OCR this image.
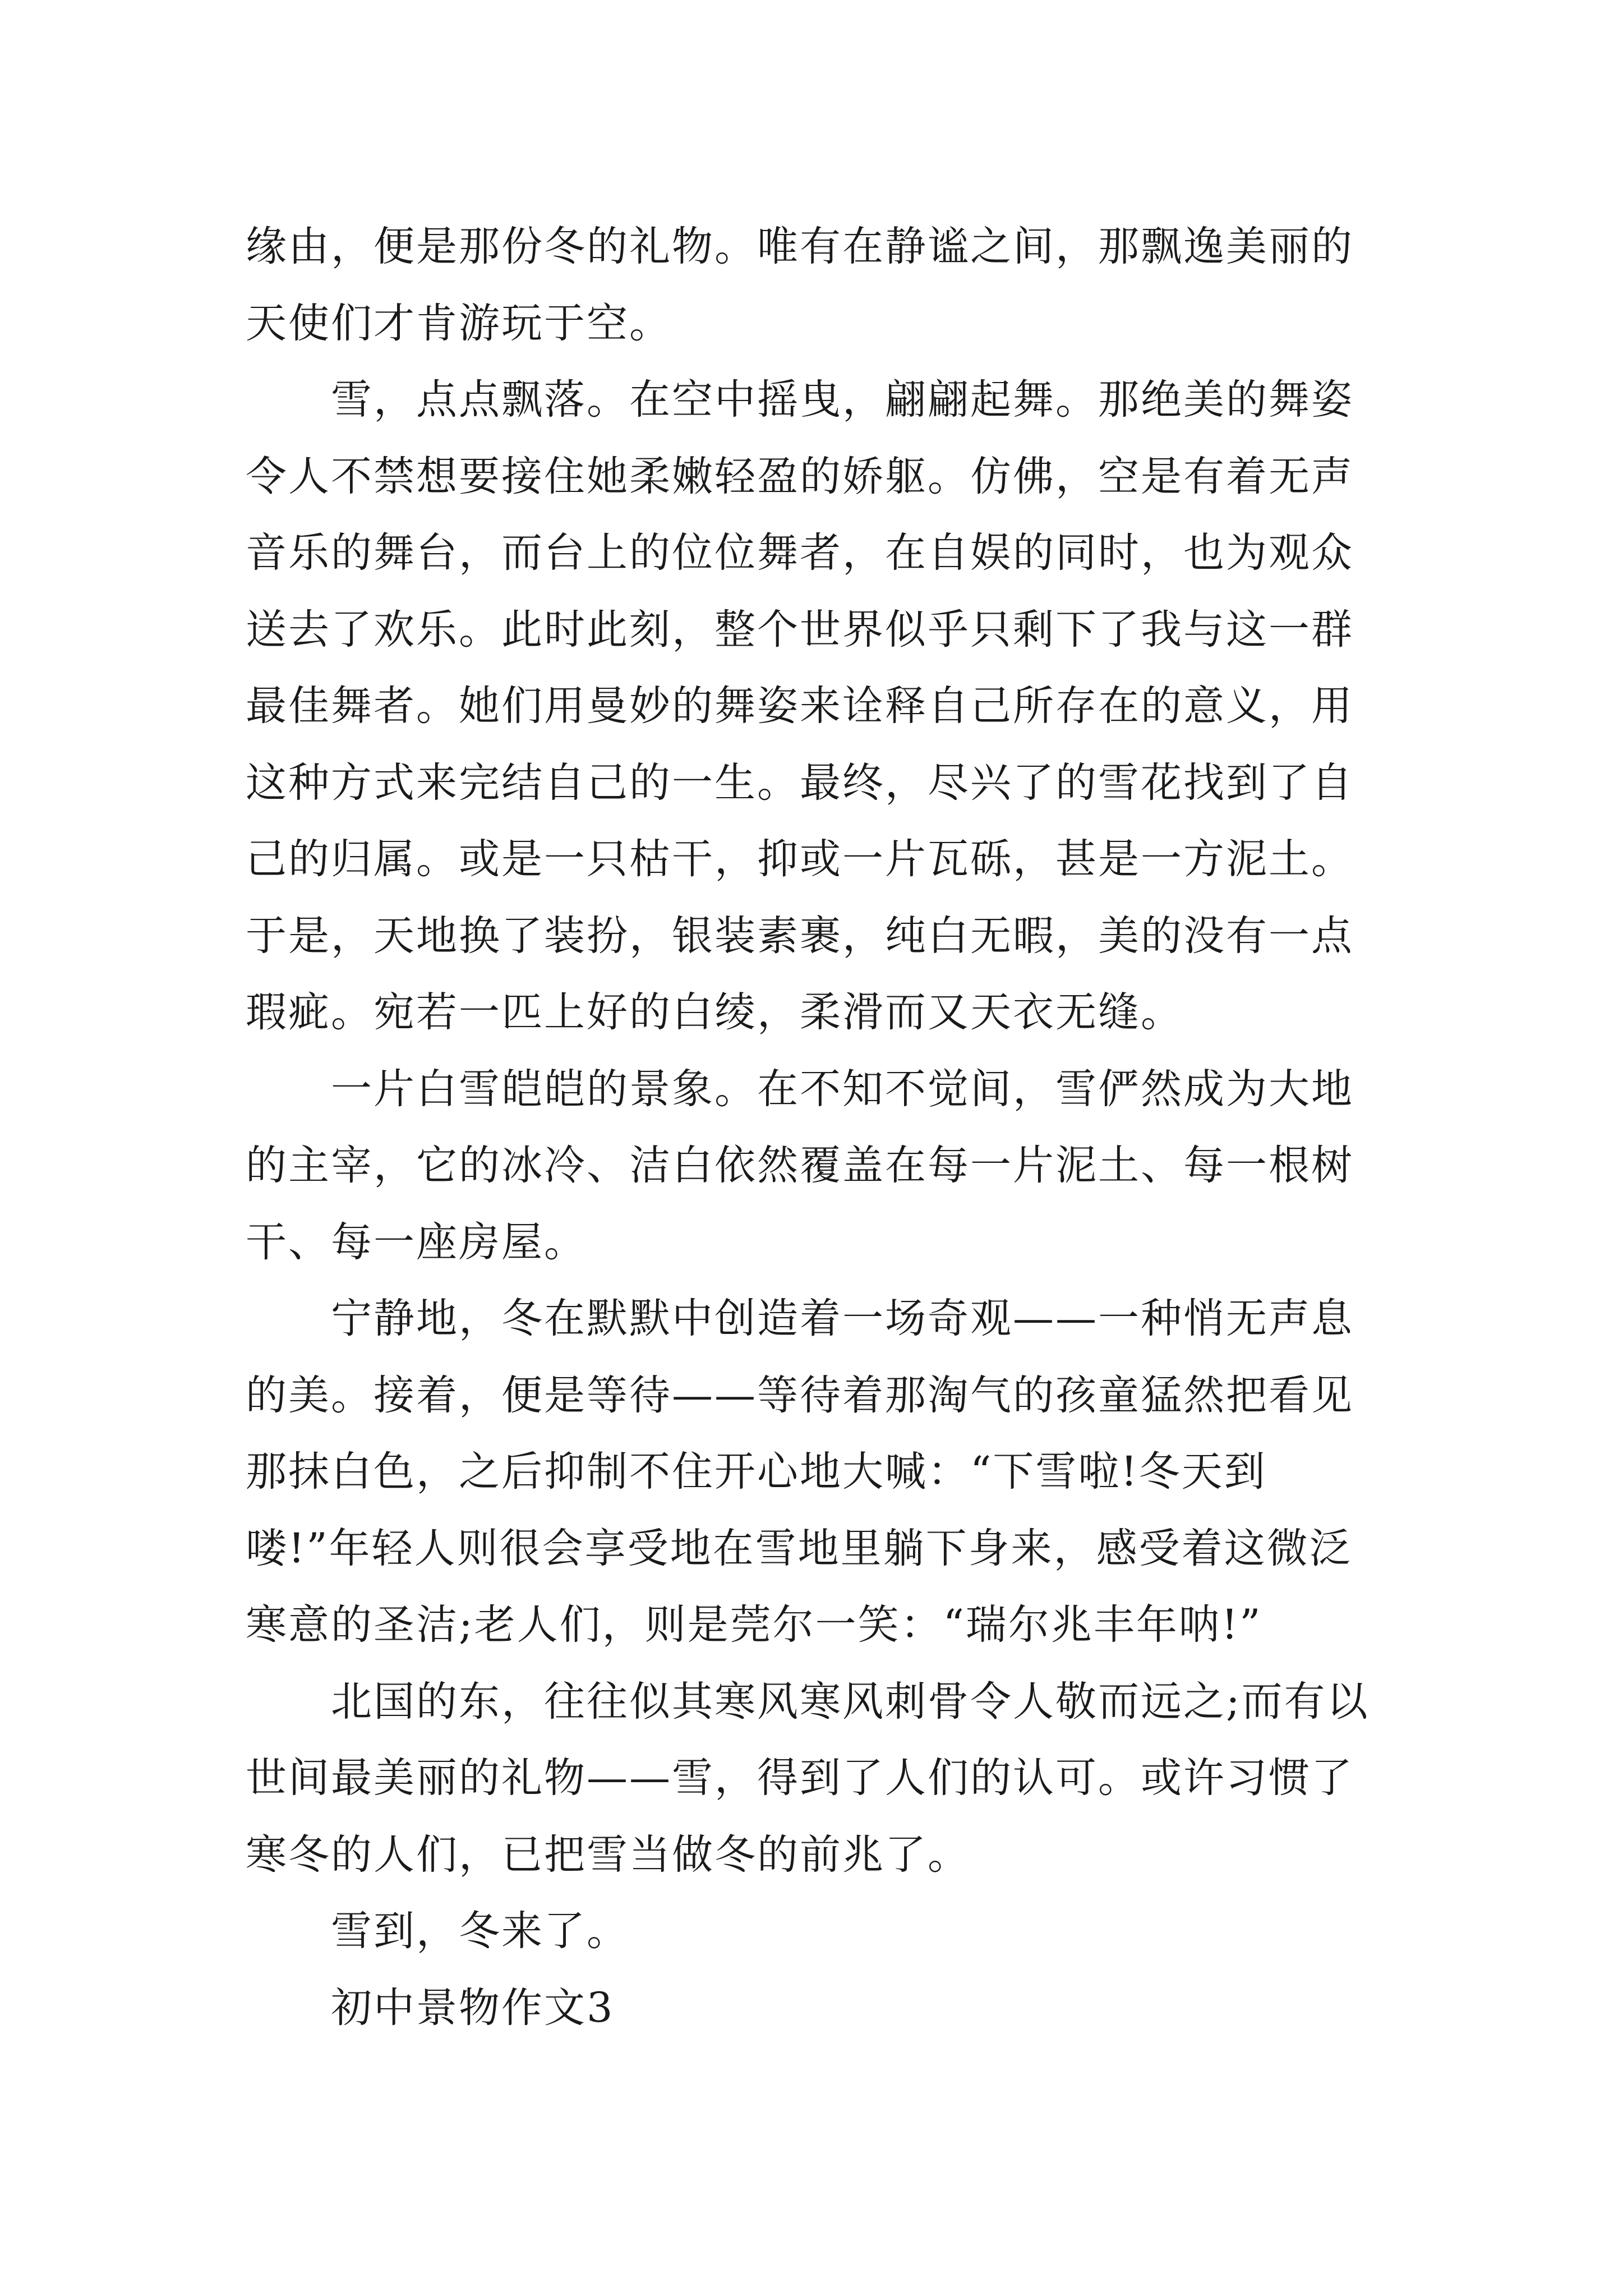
缘由，便是那份冬的礼物。唯有在静谧之间，那飘逸美丽的天使们才肯游玩于空。

雪，点点飘落。在空中摇曳，翩翩起舞。那绝美的舞姿令人不禁想要接住她柔嫩轻盈的娇躯。仿佛，空是有着无声音乐的舞台，而台上的位位舞者，在自娱的同时，也为观众送去了欢乐。此时此刻，整个世界似乎只剩下了我与这一群最佳舞者。她们用曼妙的舞姿来诠释自己所存在的意义，用这种方式来完结自己的一生。最终，尽兴了的雪花找到了自己的归属。或是一只枯干，抑或一片瓦砾，甚是一方泥土。于是，天地换了装扮，银装素裹，纯白无暇，美的没有一点瑕疵。宛若一匹上好的白绫，柔滑而又天衣无缝。

一片白雪皑皑的景象。在不知不觉间，雪俨然成为大地的主宰，它的冰冷、洁白依然覆盖在每一片泥土、每一根树干、每一座房屋。

宁静地，冬在默默中创造着一场奇观——一种悄无声息的美。接着，便是等待——等待着那淘气的孩童猛然把看见那抹白色，之后抑制不住开心地大喊：“下雪啦!冬天到喽!”年轻人则很会享受地在雪地里躺下身来，感受着这微泛寒意的圣洁;老人们，则是莞尔一笑：“瑞尔兆丰年呐!”

北国的东，往往似其寒风寒风刺骨令人敬而远之;而有以世间最美丽的礼物——雪，得到了人们的认可。或许习惯了寒冬的人们，已把雪当做冬的前兆了。

雪到，冬来了。

初中景物作文3
